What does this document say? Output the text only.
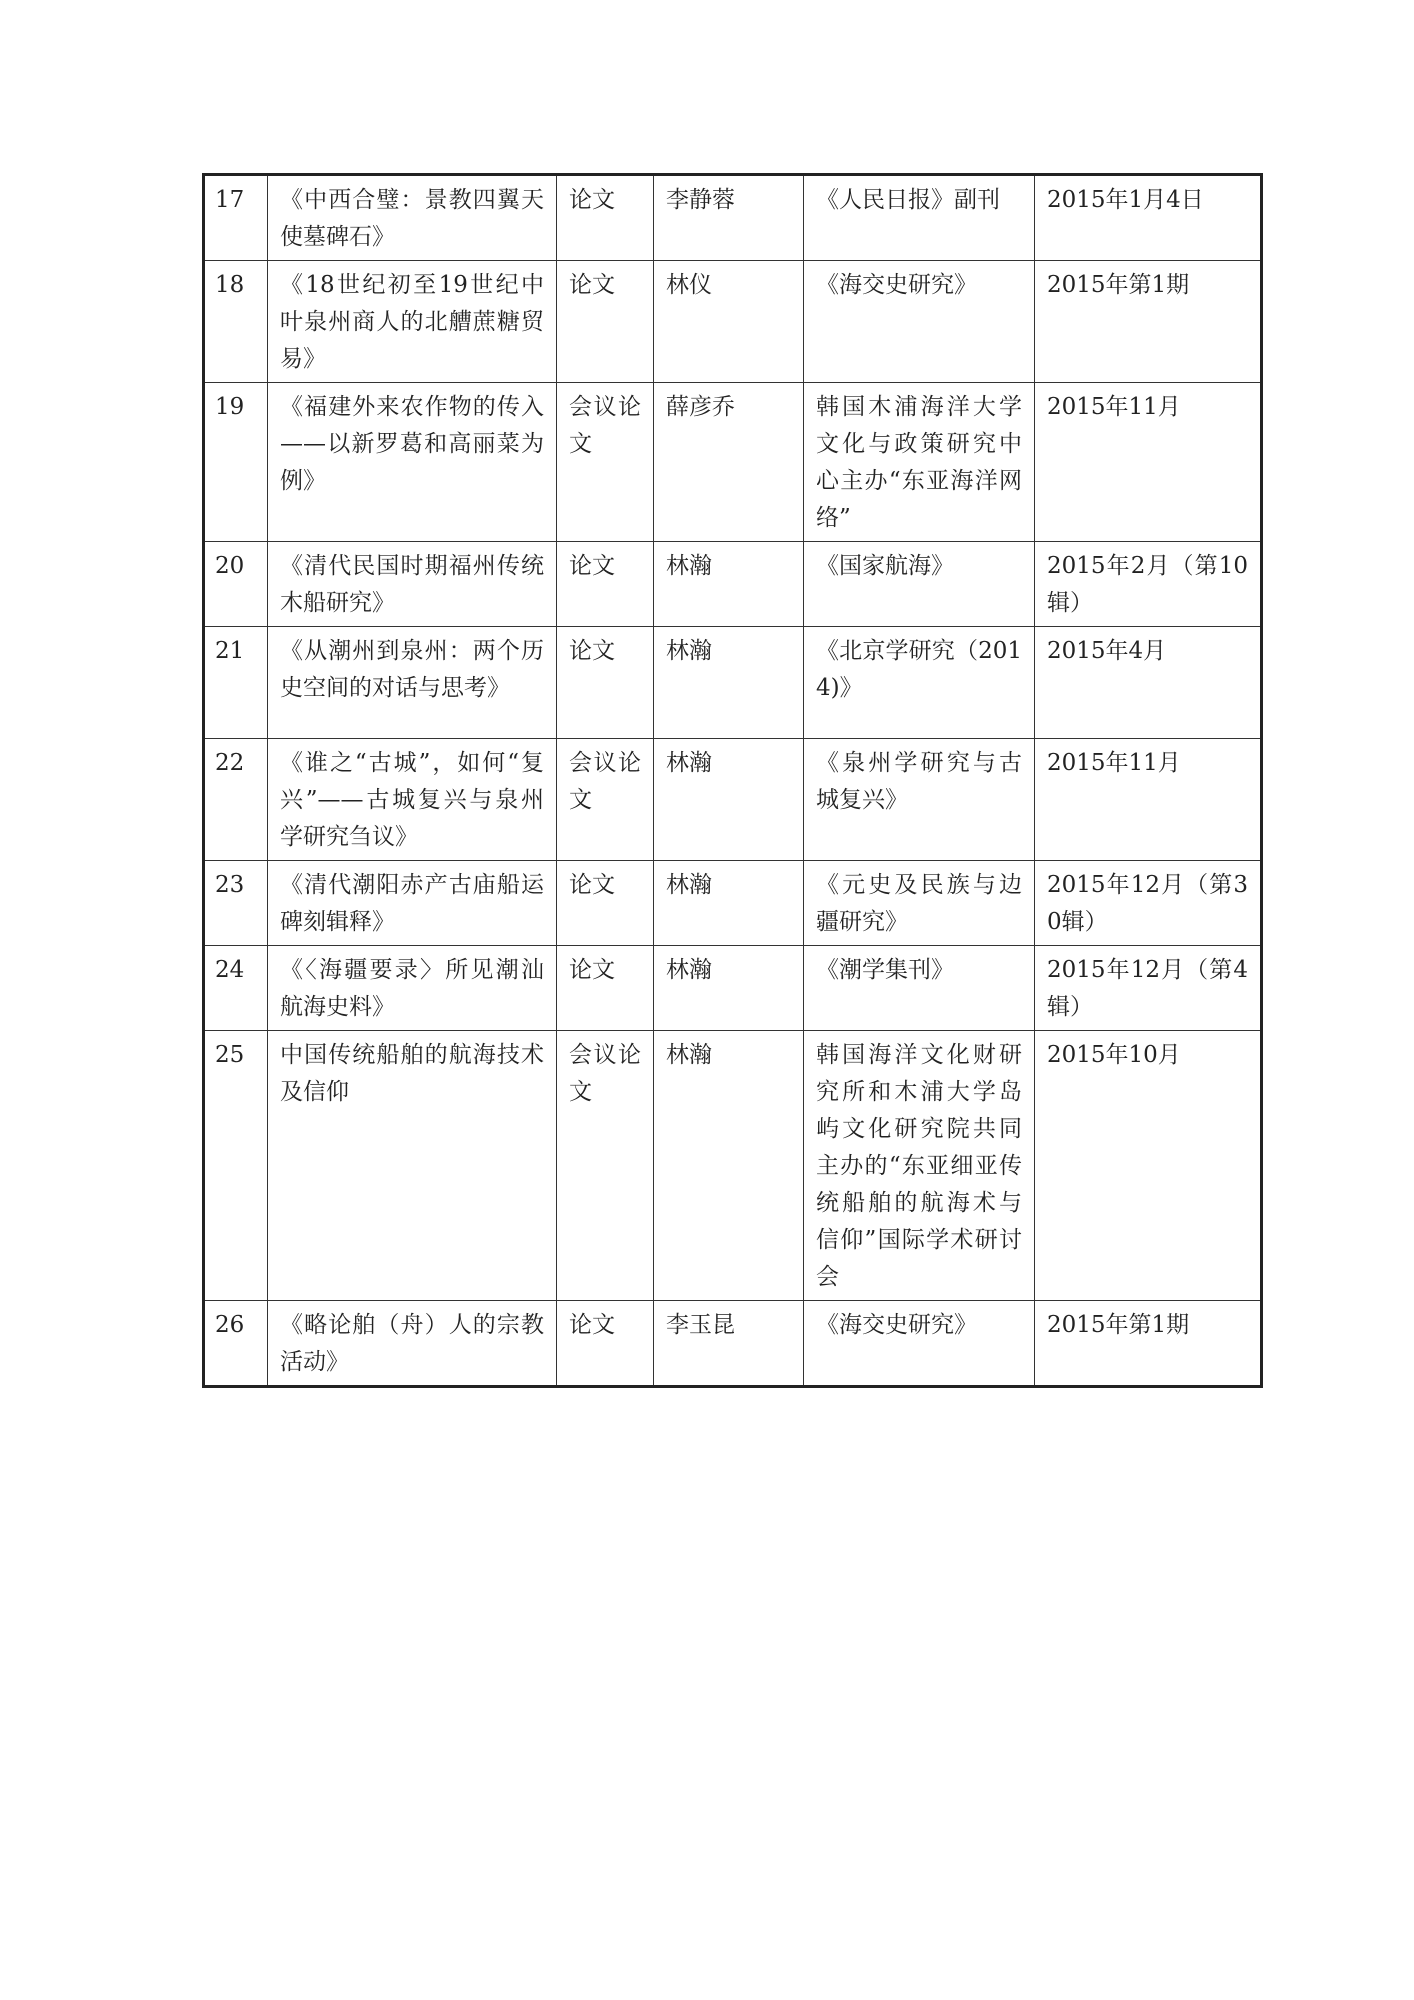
17	《中西合璧：景教四翼天使墓碑石》	论文	李静蓉	《人民日报》副刊	2015年1月4日
18	《18世纪初至19世纪中叶泉州商人的北艚蔗糖贸易》	论文	林仪	《海交史研究》	2015年第1期
19	《福建外来农作物的传入——以新罗葛和高丽菜为例》	会议论文	薛彦乔	韩国木浦海洋大学文化与政策研究中心主办“东亚海洋网络”	2015年11月
20	《清代民国时期福州传统木船研究》	论文	林瀚	《国家航海》	2015年2月（第10辑）
21	《从潮州到泉州：两个历史空间的对话与思考》	论文	林瀚	《北京学研究（2014)》	2015年4月
22	《谁之“古城”，如何“复兴”——古城复兴与泉州学研究刍议》	会议论文	林瀚	《泉州学研究与古城复兴》	2015年11月
23	《清代潮阳赤产古庙船运碑刻辑释》	论文	林瀚	《元史及民族与边疆研究》	2015年12月（第30辑）
24	《〈海疆要录〉所见潮汕航海史料》	论文	林瀚	《潮学集刊》	2015年12月（第4辑）
25	中国传统船舶的航海技术及信仰	会议论文	林瀚	韩国海洋文化财研究所和木浦大学岛屿文化研究院共同主办的“东亚细亚传统船舶的航海术与信仰”国际学术研讨会	2015年10月
26	《略论舶（舟）人的宗教活动》	论文	李玉昆	《海交史研究》	2015年第1期
